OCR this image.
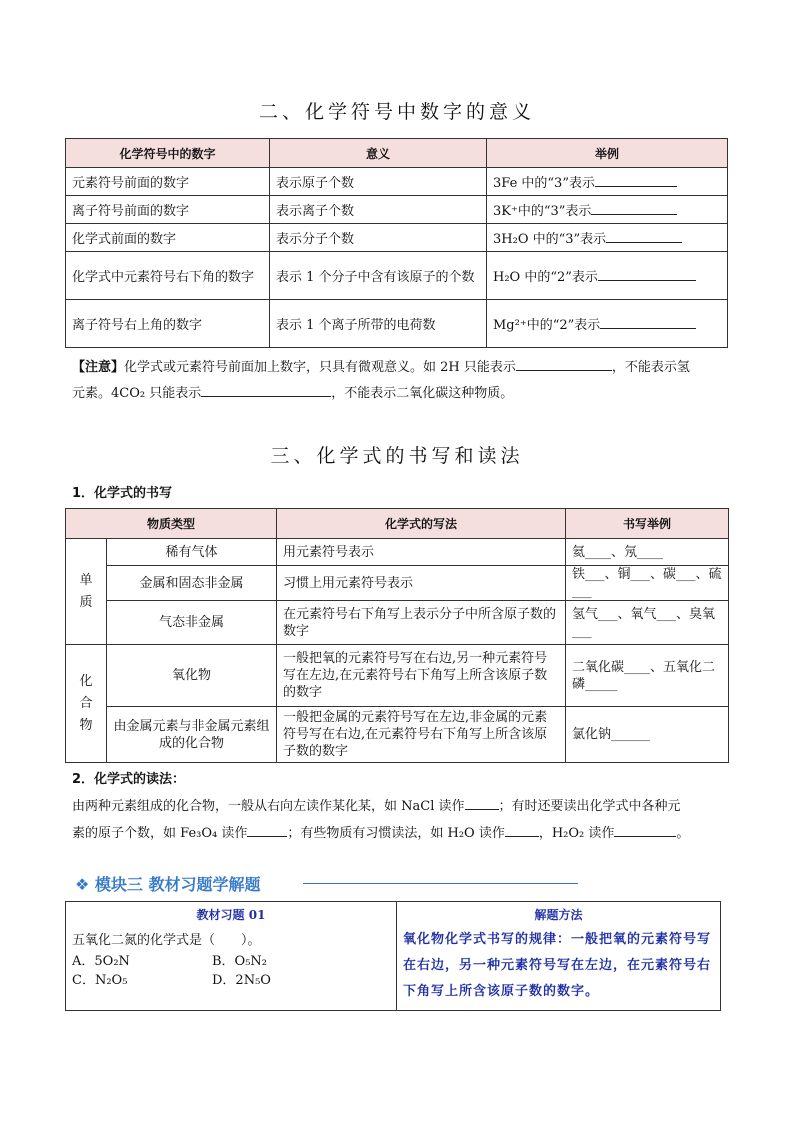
二、化学符号中数字的意义
化学符号中的数字	意义	举例
元素符号前面的数字	表示原子个数	3Fe 中的“3”表示
离子符号前面的数字	表示离子个数	3K⁺中的“3”表示
化学式前面的数字	表示分子个数	3H₂O 中的“3”表示
化学式中元素符号右下角的数字	表示 1 个分子中含有该原子的个数	H₂O 中的“2”表示
离子符号右上角的数字	表示 1 个离子所带的电荷数	Mg²⁺中的“2”表示
【注意】化学式或元素符号前面加上数字，只具有微观意义。如 2H 只能表示	，不能表示氢
元素。4CO₂ 只能表示	，不能表示二氧化碳这种物质。
三、化学式的书写和读法
1．化学式的书写
物质类型		化学式的写法	书写举例
单质	稀有气体	用元素符号表示	氦____、氖____
	金属和固态非金属	习惯上用元素符号表示	铁___、铜___、碳___、硫___
	气态非金属	在元素符号右下角写上表示分子中所含原子数的数字	氢气___、氧气___、臭氧___
化合物	氧化物	一般把氧的元素符号写在右边,另一种元素符号写在左边,在元素符号右下角写上所含该原子数的数字	二氧化碳____、五氧化二磷_____
	由金属元素与非金属元素组成的化合物	一般把金属的元素符号写在左边,非金属的元素符号写在右边,在元素符号右下角写上所含该原子数的数字	氯化钠______
2．化学式的读法：
由两种元素组成的化合物，一般从右向左读作某化某，如 NaCl 读作	；有时还要读出化学式中各种元
素的原子个数，如 Fe₃O₄ 读作	；有些物质有习惯读法，如 H₂O 读作	，H₂O₂ 读作	。
❖ 模块三 教材习题学解题
教材习题 01
五氧化二氮的化学式是（　　）。
A．5O₂N	B．O₅N₂
C．N₂O₅	D．2N₅O

解题方法
氧化物化学式书写的规律：一般把氧的元素符号写在右边，另一种元素符号写在左边，在元素符号右下角写上所含该原子数的数字。
